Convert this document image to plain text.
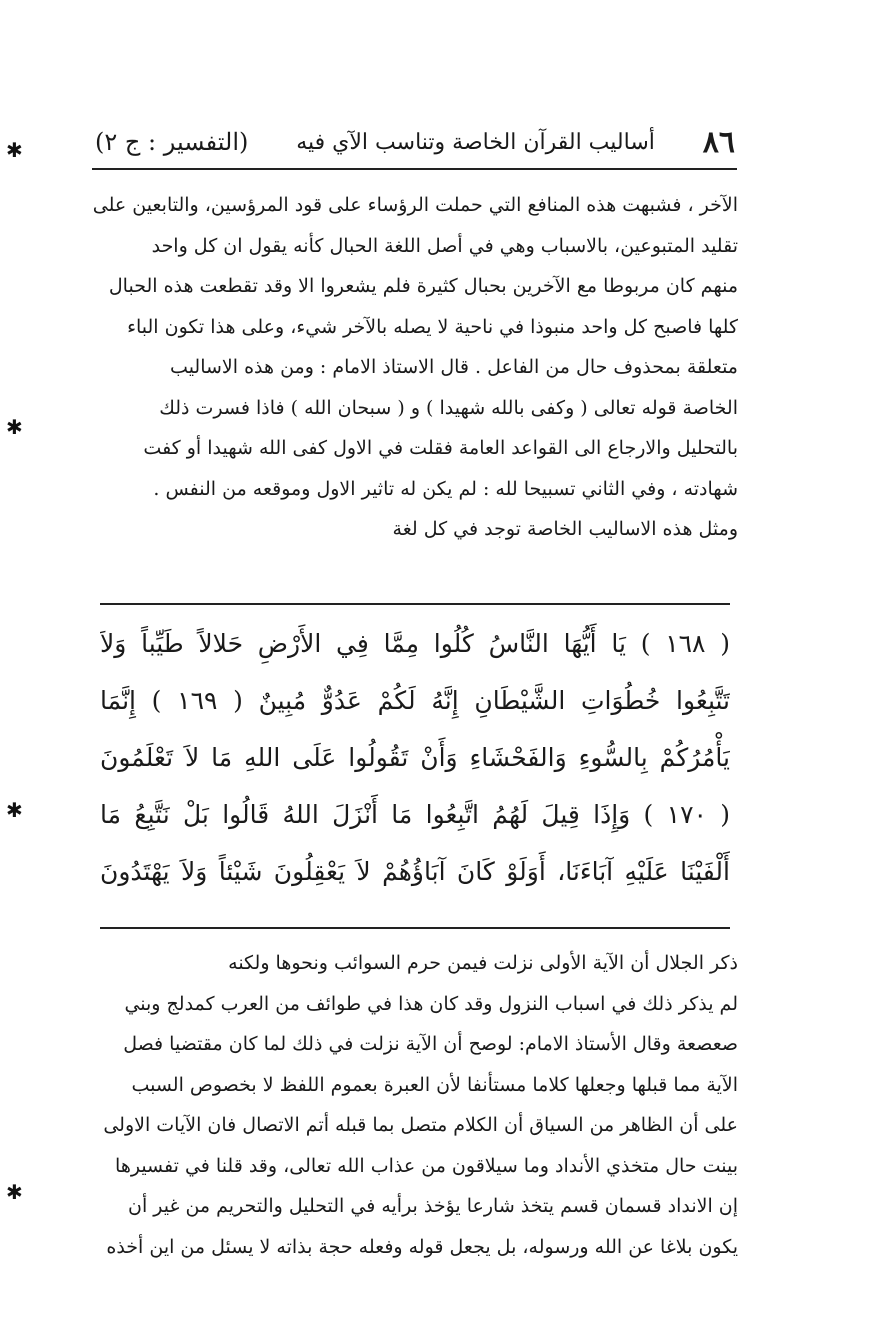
٨٦
أساليب القرآن الخاصة وتناسب الآي فيه
(التفسير : ج ٢)

الآخر ، فشبهت هذه المنافع التي حملت الرؤساء على قود المرؤسين، والتابعين على

تقليد المتبوعين، بالاسباب وهي في أصل اللغة الحبال كأنه يقول ان كل واحد

منهم كان مربوطا مع الآخرين بحبال كثيرة فلم يشعروا الا وقد تقطعت هذه الحبال

كلها فاصبح كل واحد منبوذا في ناحية لا يصله بالآخر شيء، وعلى هذا تكون الباء

متعلقة بمحذوف حال من الفاعل . قال الاستاذ الامام : ومن هذه الاساليب

الخاصة قوله تعالى ( وكفى بالله شهيدا ) و ( سبحان الله ) فاذا فسرت ذلك

بالتحليل والارجاع الى القواعد العامة فقلت في الاول كفى الله شهيدا أو كفت

شهادته ، وفي الثاني تسبيحا لله : لم يكن له تاثير الاول وموقعه من النفس .

ومثل هذه الاساليب الخاصة توجد في كل لغة

( ١٦٨ ) يَا أَيُّهَا النَّاسُ كُلُوا مِمَّا فِي الأَرْضِ حَلالاً طَيِّباً وَلاَ

تَتَّبِعُوا خُطُوَاتِ الشَّيْطَانِ إِنَّهُ لَكُمْ عَدُوٌّ مُبِينٌ ( ١٦٩ ) إِنَّمَا

يَأْمُرُكُمْ بِالسُّوءِ وَالفَحْشَاءِ وَأَنْ تَقُولُوا عَلَى اللهِ مَا لاَ تَعْلَمُونَ

( ١٧٠ ) وَإِذَا قِيلَ لَهُمُ اتَّبِعُوا مَا أَنْزَلَ اللهُ قَالُوا بَلْ نَتَّبِعُ مَا

أَلْفَيْنَا عَلَيْهِ آبَاءَنَا، أَوَلَوْ كَانَ آبَاؤُهُمْ لاَ يَعْقِلُونَ شَيْئاً وَلاَ يَهْتَدُونَ

ذكر الجلال أن الآية الأولى نزلت فيمن حرم السوائب ونحوها ولكنه

لم يذكر ذلك في اسباب النزول وقد كان هذا في طوائف من العرب كمدلج وبني

صعصعة وقال الأستاذ الامام: لوصح أن الآية نزلت في ذلك لما كان مقتضيا فصل

الآية مما قبلها وجعلها كلاما مستأنفا لأن العبرة بعموم اللفظ لا بخصوص السبب

على أن الظاهر من السياق أن الكلام متصل بما قبله أتم الاتصال فان الآيات الاولى

بينت حال متخذي الأنداد وما سيلاقون من عذاب الله تعالى، وقد قلنا في تفسيرها

إن الانداد قسمان قسم يتخذ شارعا يؤخذ برأيه في التحليل والتحريم من غير أن

يكون بلاغا عن الله ورسوله، بل يجعل قوله وفعله حجة بذاته لا يسئل من اين أخذه

✱
✱
✱
✱
